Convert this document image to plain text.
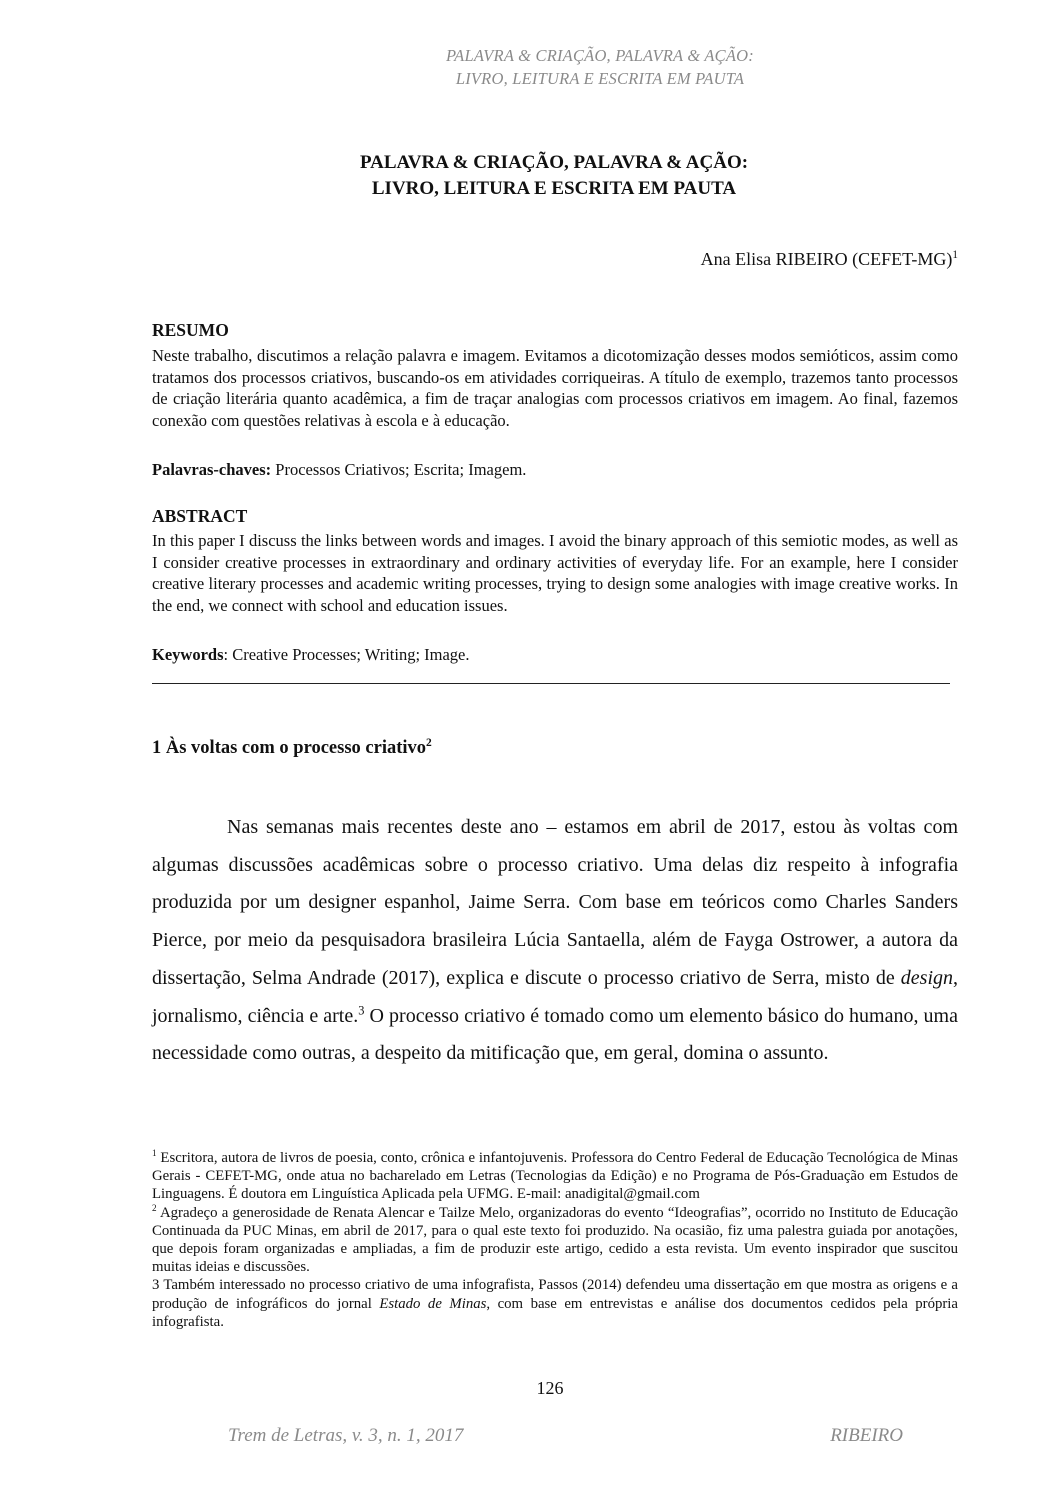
PALAVRA & CRIAÇÃO, PALAVRA & AÇÃO:
LIVRO, LEITURA E ESCRITA EM PAUTA
PALAVRA & CRIAÇÃO, PALAVRA & AÇÃO:
LIVRO, LEITURA E ESCRITA EM PAUTA
Ana Elisa RIBEIRO (CEFET-MG)$^1$
RESUMO
Neste trabalho, discutimos a relação palavra e imagem. Evitamos a dicotomização desses modos semióticos, assim como tratamos dos processos criativos, buscando-os em atividades corriqueiras. A título de exemplo, trazemos tanto processos de criação literária quanto acadêmica, a fim de traçar analogias com processos criativos em imagem. Ao final, fazemos conexão com questões relativas à escola e à educação.
Palavras-chaves: Processos Criativos; Escrita; Imagem.
ABSTRACT
In this paper I discuss the links between words and images. I avoid the binary approach of this semiotic modes, as well as I consider creative processes in extraordinary and ordinary activities of everyday life. For an example, here I consider creative literary processes and academic writing processes, trying to design some analogies with image creative works. In the end, we connect with school and education issues.
Keywords: Creative Processes; Writing; Image.
1 Às voltas com o processo criativo$^2$

Nas semanas mais recentes deste ano – estamos em abril de 2017, estou às voltas com algumas discussões acadêmicas sobre o processo criativo. Uma delas diz respeito à infografia produzida por um designer espanhol, Jaime Serra. Com base em teóricos como Charles Sanders Pierce, por meio da pesquisadora brasileira Lúcia Santaella, além de Fayga Ostrower, a autora da dissertação, Selma Andrade (2017), explica e discute o processo criativo de Serra, misto de design, jornalismo, ciência e arte.$^3$ O processo criativo é tomado como um elemento básico do humano, uma necessidade como outras, a despeito da mitificação que, em geral, domina o assunto.

$^1$ Escritora, autora de livros de poesia, conto, crônica e infantojuvenis. Professora do Centro Federal de Educação Tecnológica de Minas Gerais - CEFET-MG, onde atua no bacharelado em Letras (Tecnologias da Edição) e no Programa de Pós-Graduação em Estudos de Linguagens. É doutora em Linguística Aplicada pela UFMG. E-mail: anadigital@gmail.com

$^2$ Agradeço a generosidade de Renata Alencar e Tailze Melo, organizadoras do evento “Ideografias”, ocorrido no Instituto de Educação Continuada da PUC Minas, em abril de 2017, para o qual este texto foi produzido. Na ocasião, fiz uma palestra guiada por anotações, que depois foram organizadas e ampliadas, a fim de produzir este artigo, cedido a esta revista. Um evento inspirador que suscitou muitas ideias e discussões.

3 Também interessado no processo criativo de uma infografista, Passos (2014) defendeu uma dissertação em que mostra as origens e a produção de infográficos do jornal Estado de Minas, com base em entrevistas e análise dos documentos cedidos pela própria infografista.

126
Trem de Letras, v. 3, n. 1, 2017	RIBEIRO
